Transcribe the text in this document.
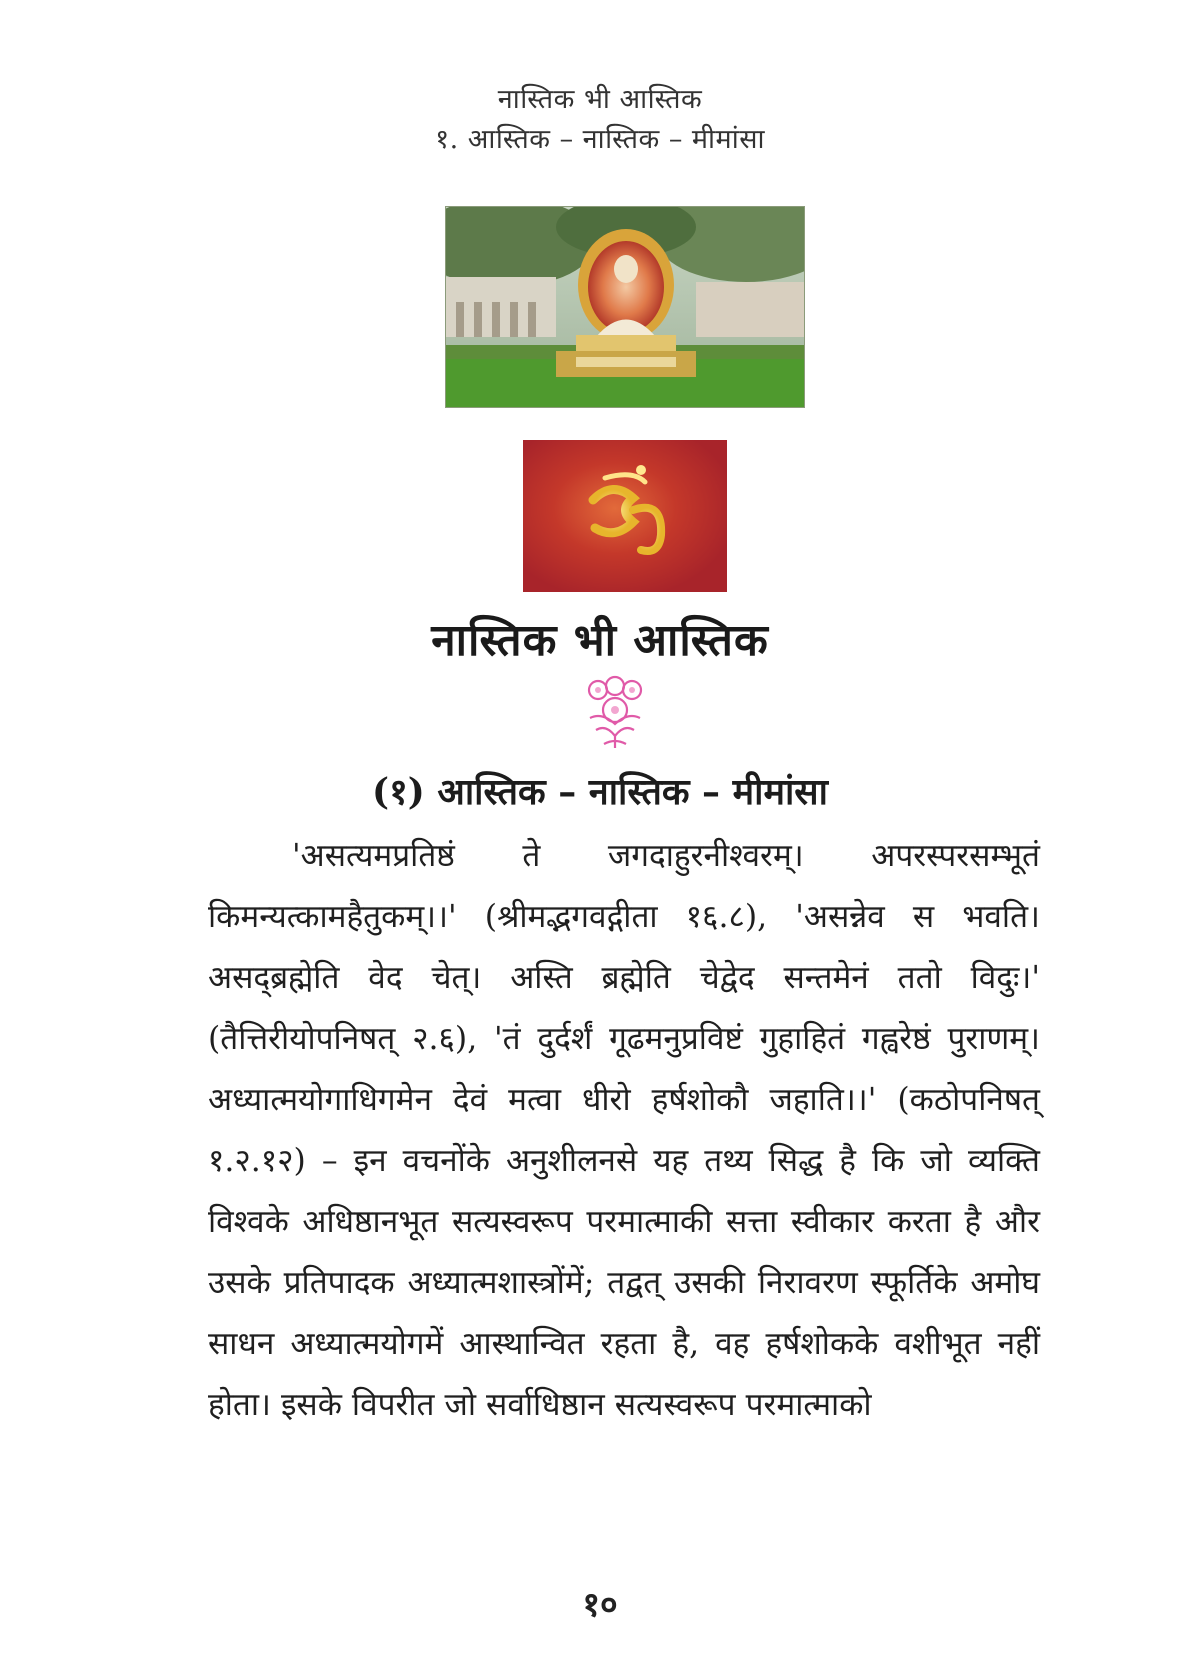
नास्तिक भी आस्तिक
१. आस्तिक – नास्तिक – मीमांसा
नास्तिक भी आस्तिक
(१) आस्तिक – नास्तिक – मीमांसा

'असत्यमप्रतिष्ठं ते जगदाहुरनीश्वरम्। अपरस्परसम्भूतं किमन्यत्कामहैतुकम्।।' (श्रीमद्भगवद्गीता १६.८), 'असन्नेव स भवति। असद्ब्रह्मेति वेद चेत्। अस्ति ब्रह्मेति चेद्वेद सन्तमेनं ततो विदुः।' (तैत्तिरीयोपनिषत् २.६), 'तं दुर्दर्शं गूढमनुप्रविष्टं गुहाहितं गह्वरेष्ठं पुराणम्। अध्यात्मयोगाधिगमेन देवं मत्वा धीरो हर्षशोकौ जहाति।।' (कठोपनिषत् १.२.१२) – इन वचनोंके अनुशीलनसे यह तथ्य सिद्ध है कि जो व्यक्ति विश्वके अधिष्ठानभूत सत्यस्वरूप परमात्माकी सत्ता स्वीकार करता है और उसके प्रतिपादक अध्यात्मशास्त्रोंमें; तद्वत् उसकी निरावरण स्फूर्तिके अमोघ साधन अध्यात्मयोगमें आस्थान्वित रहता है, वह हर्षशोकके वशीभूत नहीं होता। इसके विपरीत जो सर्वाधिष्ठान सत्यस्वरूप परमात्माको

१०
